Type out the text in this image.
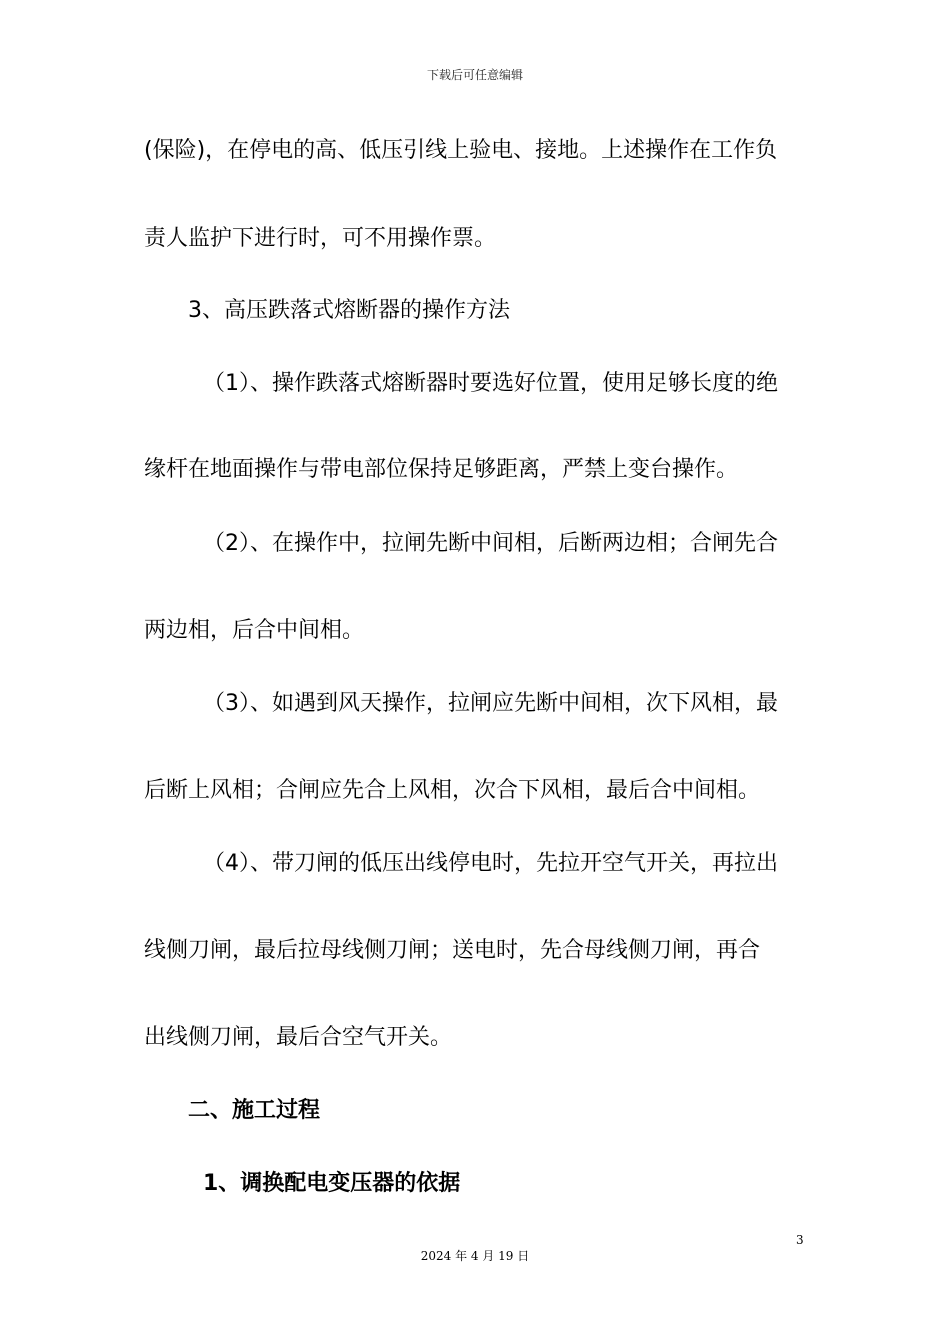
下载后可任意编辑
(保险)，在停电的高、低压引线上验电、接地。上述操作在工作负
责人监护下进行时，可不用操作票。
3、高压跌落式熔断器的操作方法
（1）、操作跌落式熔断器时要选好位置，使用足够长度的绝
缘杆在地面操作与带电部位保持足够距离，严禁上变台操作。
（2）、在操作中，拉闸先断中间相，后断两边相；合闸先合
两边相，后合中间相。
（3）、如遇到风天操作，拉闸应先断中间相，次下风相，最
后断上风相；合闸应先合上风相，次合下风相，最后合中间相。
（4）、带刀闸的低压出线停电时，先拉开空气开关，再拉出
线侧刀闸，最后拉母线侧刀闸；送电时，先合母线侧刀闸，再合
出线侧刀闸，最后合空气开关。
二、施工过程
1、调换配电变压器的依据
3
2024 年 4 月 19 日
